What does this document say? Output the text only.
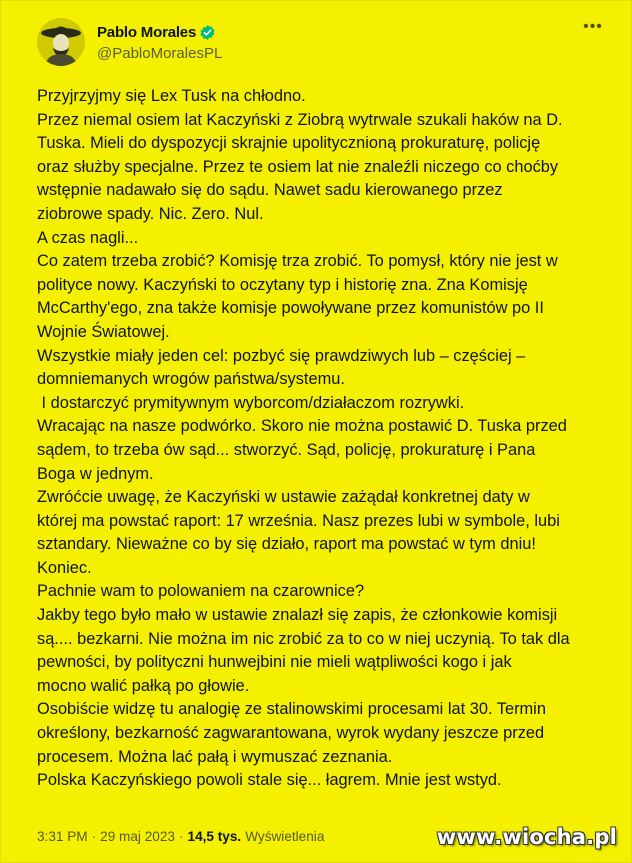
Pablo Morales
@PabloMoralesPL
•••
Przyjrzyjmy się Lex Tusk na chłodno.
Przez niemal osiem lat Kaczyński z Ziobrą wytrwale szukali haków na D.
Tuska. Mieli do dyspozycji skrajnie upolitycznioną prokuraturę, policję
oraz służby specjalne. Przez te osiem lat nie znaleźli niczego co choćby
wstępnie nadawało się do sądu. Nawet sadu kierowanego przez
ziobrowe spady. Nic. Zero. Nul.
A czas nagli...
Co zatem trzeba zrobić? Komisję trza zrobić. To pomysł, który nie jest w
polityce nowy. Kaczyński to oczytany typ i historię zna. Zna Komisję
McCarthy'ego, zna także komisje powoływane przez komunistów po II
Wojnie Światowej.
Wszystkie miały jeden cel: pozbyć się prawdziwych lub – częściej –
domniemanych wrogów państwa/systemu.
I dostarczyć prymitywnym wyborcom/działaczom rozrywki.
Wracając na nasze podwórko. Skoro nie można postawić D. Tuska przed
sądem, to trzeba ów sąd... stworzyć. Sąd, policję, prokuraturę i Pana
Boga w jednym.
Zwróćcie uwagę, że Kaczyński w ustawie zażądał konkretnej daty w
której ma powstać raport: 17 września. Nasz prezes lubi w symbole, lubi
sztandary. Nieważne co by się działo, raport ma powstać w tym dniu!
Koniec.
Pachnie wam to polowaniem na czarownice?
Jakby tego było mało w ustawie znalazł się zapis, że członkowie komisji
są.... bezkarni. Nie można im nic zrobić za to co w niej uczynią. To tak dla
pewności, by polityczni hunwejbini nie mieli wątpliwości kogo i jak
mocno walić pałką po głowie.
Osobiście widzę tu analogię ze stalinowskimi procesami lat 30. Termin
określony, bezkarność zagwarantowana, wyrok wydany jeszcze przed
procesem. Można lać pałą i wymuszać zeznania.
Polska Kaczyńskiego powoli stale się... łagrem. Mnie jest wstyd.
3:31 PM · 29 maj 2023 · 14,5 tys. Wyświetlenia	www.wiocha.pl
